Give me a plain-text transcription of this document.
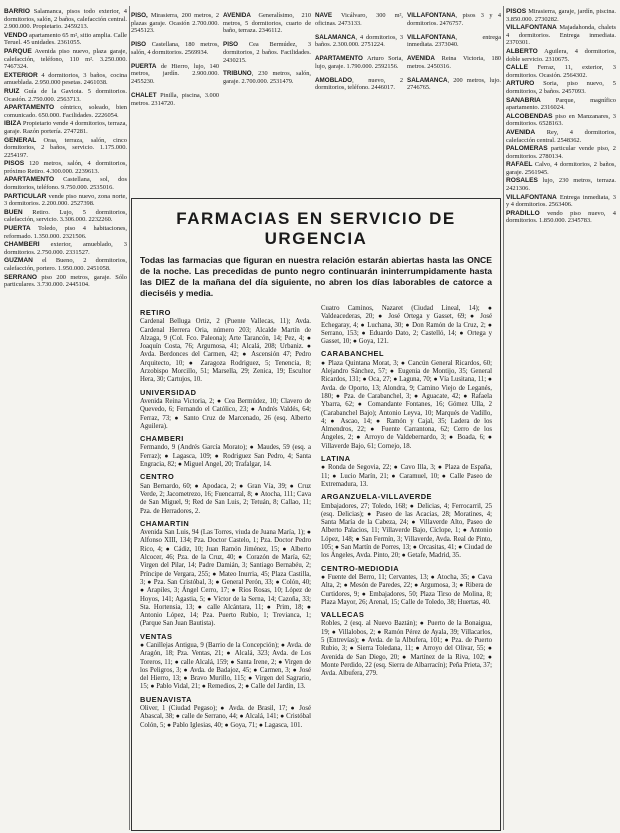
BARRIO Salamanca, pisos todo exterior, 4 dormitorios, salón, 2 baños, calefacción central. 2.900.000. Propietario. 2459213.

VENDO apartamento 65 m², sitio amplia. Calle Teruel. 45 unidades. 2361055.

PARQUE Avenida piso nuevo, plaza garaje, calefacción, teléfono, 110 m². 3.250.000. 7467324.

EXTERIOR 4 dormitorios, 3 baños, cocina amueblada. 2.950.000 pesetas. 2461038.

RUIZ Guía de la Gaviota. 5 dormitorios. Ocasión. 2.750.000. 2563713.

APARTAMENTO céntrico, soleado, bien comunicado. 650.000. Facilidades. 2226054.

IBIZA Propietario vende 4 dormitorios, terraza, garaje. Razón portería. 2747281.

GENERAL Oraa, terraza, salón, cinco dormitorios, 2 baños, servicio. 1.175.000. 2254197.

PISOS 120 metros, salón, 4 dormitorios, próximo Retiro. 4.300.000. 2239613.

APARTAMENTO Castellana, sol, dos dormitorios, teléfono. 9.750.000. 2535016.

PARTICULAR vende piso nuevo, zona norte, 3 dormitorios. 2.200.000. 2527398.

BUEN Retiro. Lujo, 5 dormitorios, calefacción, servicio. 3.306.000. 2232260.

PUERTA Toledo, piso 4 habitaciones, reformado. 1.350.000. 2321506.

CHAMBERI exterior, amueblado, 3 dormitorios. 2.750.000. 2331527.

GUZMAN el Bueno, 2 dormitorios, calefacción, portero. 1.950.000. 2451058.

SERRANO piso 200 metros, garaje. Sólo particulares. 3.730.000. 2445104.

PISO, Mirasierra, 200 metros, 2 plazas garaje. Ocasión 2.700.000. 2545123.

PISO Castellana, 180 metros, salón, 4 dormitorios. 2569934.

PUERTA de Hierro, lujo, 140 metros, jardín. 2.900.000. 2455230.

CHALET Pinilla, piscina, 3.000 metros. 2314720.

AVENIDA Generalísimo, 210 metros, 5 dormitorios, cuarto de baño, terraza. 2346112.

PISO Cea Bermúdez, 3 dormitorios, 2 baños. Facilidades. 2430215.

TRIBUNO, 230 metros, salón, garaje. 2.700.000. 2531479.

NAVE Vicálvaro, 300 m², oficinas. 2473133.

SALAMANCA, 4 dormitorios, 3 baños. 2.300.000. 2751224.

APARTAMENTO Arturo Soria, lujo, garaje. 1.790.000. 2592156.

AMOBLADO, nuevo, 2 dormitorios, teléfono. 2446017.

VILLAFONTANA, pisos 3 y 4 dormitorios. 2476757.

VILLAFONTANA, entrega inmediata. 2373040.

AVENIDA Reina Victoria, 180 metros. 2450316.

SALAMANCA, 200 metros, lujo. 2746765.

FARMACIAS EN SERVICIO DE URGENCIA

Todas las farmacias que figuran en nuestra relación estarán abiertas hasta las ONCE de la noche. Las precedidas de punto negro continuarán ininterrumpidamente hasta las DIEZ de la mañana del día siguiente, no abren los días laborables de catorce a dieciséis y media.

RETIRO

Cardenal Belluga Ortiz, 2 (Puente Vallecas, 11); Avda. Cardenal Herrera Oria, número 203; Alcalde Martín de Alzaga, 9 (Col. Fco. Paleona); Arte Tarancón, 14; Pez, 4; ● Joaquín Costa, 76; Argumosa, 41; Alcalá, 208; Urbaniz. ● Avda. Berdonces del Carmen, 42; ● Ascensión 47; Pedro Arquitecto, 10; ● Zaragoza Rodriguez, 5; Tenencia, 8; Arzobispo Morcillo, 51; Marsella, 29; Zenica, 19; Escultor Hera, 30; Cartujos, 10.

UNIVERSIDAD

Avenida Reina Victoria, 2; ● Cea Bermúdez, 10; Clavero de Quevedo, 6; Fernando el Católico, 23; ● Andrés Valdés, 64; Ferraz, 73; ● Santo Cruz de Marcenado, 26 (esq. Alberto Aguilera).

CHAMBERI

Fermando, 9 (Andrés García Morato); ● Maudes, 59 (esq. a Ferraz); ● Lagasca, 109; ● Rodriguez San Pedro, 4; Santa Engracia, 82; ● Miguel Angel, 20; Trafalgar, 14.

CENTRO

San Bernardo, 60; ● Apodaca, 2; ● Gran Vía, 39; ● Cruz Verde, 2; Jacometrezo, 16; Fuencarral, 8; ● Atocha, 111; Cava de San Miguel, 9; Red de San Luis, 2; Tetuán, 8; Callao, 11; Pza. de Herradores, 2.

CHAMARTIN

Avenida San Luis, 94 (Las Torres, viuda de Juana María, 1); ● Alfonso XIII, 134; Pza. Doctor Castelo, 1; Pza. Doctor Pedro Rico, 4; ● Cádiz, 10; Juan Ramón Jiménez, 15; ● Alberto Alcocer, 46; Pza. de la Cruz, 40; ● Corazón de María, 62; Virgen del Pilar, 14; Padre Damián, 3; Santiago Bernabéu, 2; Príncipe de Vergara, 255; ● Mateo Inurria, 45; Plaza Castilla, 3; ● Pza. San Cristóbal, 3; ● General Perón, 33; ● Colón, 40; ● Arapiles, 3; Ángel Cerro, 17; ● Ríos Rosas, 10; López de Hoyos, 141; Agastia, 5; ● Víctor de la Serna, 14; Cazoña, 33; Sta. Hortensia, 13; ● calle Alcántara, 11; ● Prim, 18; ● Antonio López, 14; Pza. Puerto Rubio, 1; Trevianca, 1; (Parque San Juan Bautista).

VENTAS

● Canillejas Antigua, 9 (Barrio de la Concepción); ● Avda. de Aragón, 18; Pza. Ventas, 21; ● Alcalá, 323; Avda. de Los Toreros, 11; ● calle Alcalá, 159; ● Santa Irene, 2; ● Virgen de los Peligros, 3; ● Avda. de Badajoz, 45; ● Carmen, 3; ● José del Hierro, 13; ● Bravo Murillo, 115; ● Virgen del Sagrario, 15; ● Pablo Vidal, 21; ● Remedios, 2; ● Calle del Jardín, 13.

BUENAVISTA

Oliver, 1 (Ciudad Pegaso); ● Avda. de Brasil, 17; ● José Abascal, 38; ● calle de Serrano, 44; ● Alcalá, 141; ● Cristóbal Colón, 5; ● Pablo Iglesias, 40; ● Goya, 71; ● Lagasca, 101.

Cuatro Caminos, Nazaret (Ciudad Lineal, 14); ● Valdeacederas, 20; ● José Ortega y Gasset, 69; ● José Echegaray, 4; ● Luchana, 30; ● Don Ramón de la Cruz, 2; ● Serrano, 153; ● Eduardo Dato, 2; Castelló, 14; ● Ortega y Gasset, 10; ● Goya, 121.

CARABANCHEL

● Plaza Quintana Morat, 3; ● Cancún General Ricardos, 60; Alejandro Sánchez, 57; ● Eugenia de Montijo, 35; General Ricardos, 131; ● Oca, 27; ● Laguna, 70; ● Vía Lusitana, 11; ● Avda. de Oporto, 13; Alondra, 9; Camino Viejo de Leganés, 180; ● Pza. de Carabanchel, 3; ● Aguacate, 42; ● Rafaela Ybarra, 62; ● Comandante Fontanes, 16; Gómez Ulla, 2 (Carabanchel Bajo); Antonio Leyva, 10; Marqués de Vadillo, 4; ● Ascao, 14; ● Ramón y Cajal, 35; Ladera de los Almendros, 22; ● Fuente Carrantona, 62; Cerro de los Ángeles, 2; ● Arroyo de Valdebernardo, 3; ● Boada, 6; ● Villaverde Bajo, 61; Cornejo, 18.

LATINA

● Ronda de Segovia, 22; ● Cavo Illa, 3; ● Plaza de España, 11; ● Lucio Marín, 21; ● Caramuel, 10; ● Calle Paseo de Extremadura, 13.

ARGANZUELA-VILLAVERDE

Embajadores, 27; Toledo, 168; ● Delicias, 4; Ferrocarril, 25 (esq. Delicias); ● Paseo de las Acacias, 28; Moratines, 4; Santa María de la Cabeza, 24; ● Villaverde Alto, Paseo de Alberto Palacios, 11; Villaverde Bajo, Cíclope, 1; ● Antonio López, 148; ● San Fermín, 3; Villaverde, Avda. Real de Pinto, 105; ● San Martín de Porres, 13; ● Orcasitas, 41; ● Ciudad de los Ángeles, Avda. Pinto, 20; ● Getafe, Madrid, 35.

CENTRO-MEDIODIA

● Fuente del Berro, 11; Cervantes, 13; ● Atocha, 35; ● Cava Alta, 2; ● Mesón de Paredes, 22; ● Argumosa, 3; ● Ribera de Curtidores, 9; ● Embajadores, 50; Plaza Tirso de Molina, 8; Plaza Mayor, 26; Arenal, 15; Calle de Toledo, 38; Huertas, 40.

VALLECAS

Robles, 2 (esq. al Nuevo Baztán); ● Puerto de la Bonaigua, 19; ● Villalobos, 2; ● Ramón Pérez de Ayala, 39; Villacarlos, 5 (Entrevías); ● Avda. de la Albufera, 101; ● Pza. de Puerto Rubio, 3; ● Sierra Toledana, 11; ● Arroyo del Olivar, 55; ● Avenida de San Diego, 20; ● Martínez de la Riva, 102; ● Monte Perdido, 22 (esq. Sierra de Albarracín); Peña Prieta, 37; Avda. Albufera, 279.

PISOS Mirasierra, garaje, jardín, piscina. 3.850.000. 2730282.

VILLAFONTANA Majadahonda, chalets 4 dormitorios. Entrega inmediata. 2370301.

ALBERTO Aguilera, 4 dormitorios, doble servicio. 2310675.

CALLE Ferraz, 11, exterior, 3 dormitorios. Ocasión. 2564302.

ARTURO Soria, piso nuevo, 5 dormitorios, 2 baños. 2457093.

SANABRIA Parque, magnífico apartamento. 2316024.

ALCOBENDAS piso en Manzanares, 3 dormitorios. 6528163.

AVENIDA Rey, 4 dormitorios, calefacción central. 2548362.

PALOMERAS particular vende piso, 2 dormitorios. 2780134.

RAFAEL Calvo, 4 dormitorios, 2 baños, garaje. 2561945.

ROSALES lujo, 230 metros, terraza. 2421306.

VILLAFONTANA Entrega inmediata, 3 y 4 dormitorios. 2563406.

PRADILLO vendo piso nuevo, 4 dormitorios. 1.850.000. 2345783.
